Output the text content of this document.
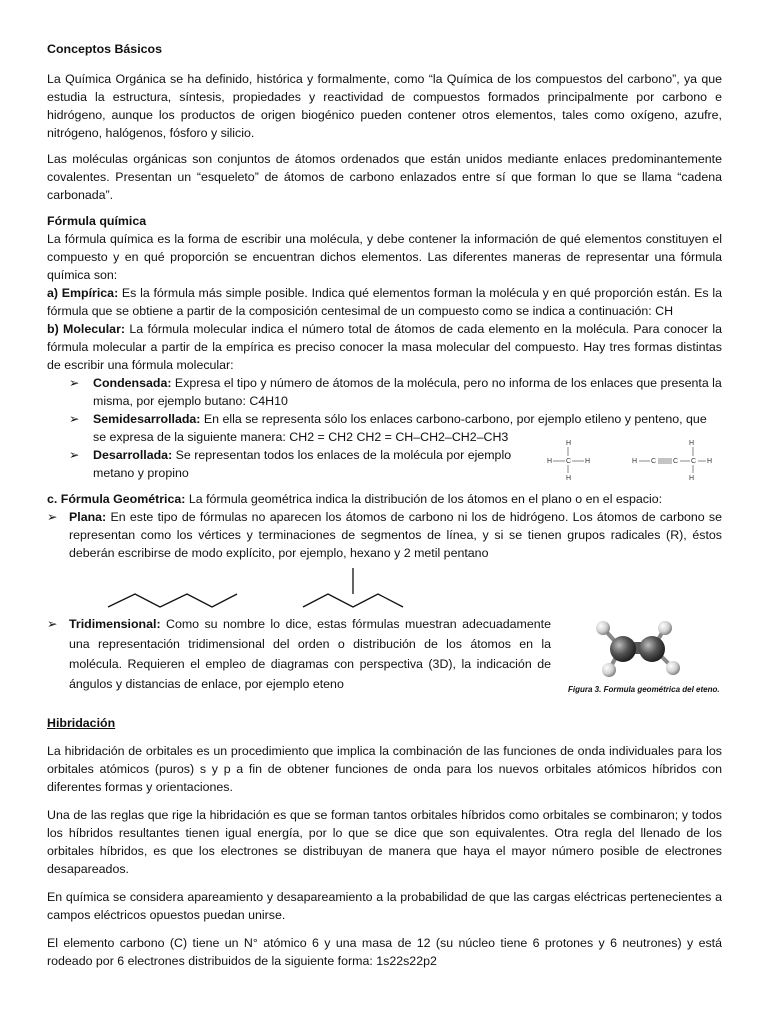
Conceptos Básicos

La Química Orgánica se ha definido, histórica y formalmente, como “la Química de los compuestos del carbono”, ya que estudia la estructura, síntesis, propiedades y reactividad de compuestos formados principalmente por carbono e hidrógeno, aunque los productos de origen biogénico pueden contener otros elementos, tales como oxígeno, azufre, nitrógeno, halógenos, fósforo y silicio.

Las moléculas orgánicas son conjuntos de átomos ordenados que están unidos mediante enlaces predominantemente covalentes. Presentan un “esqueleto” de átomos de carbono enlazados entre sí que forman lo que se llama “cadena carbonada”.

Fórmula química

La fórmula química es la forma de escribir una molécula, y debe contener la información de qué elementos constituyen el compuesto y en qué proporción se encuentran dichos elementos. Las diferentes maneras de representar una fórmula química son:

a) Empírica: Es la fórmula más simple posible. Indica qué elementos forman la molécula y en qué proporción están. Es la fórmula que se obtiene a partir de la composición centesimal de un compuesto como se indica a continuación: CH

b) Molecular: La fórmula molecular indica el número total de átomos de cada elemento en la molécula. Para conocer la fórmula molecular a partir de la empírica es preciso conocer la masa molecular del compuesto. Hay tres formas distintas de escribir una fórmula molecular:

➢ Condensada: Expresa el tipo y número de átomos de la molécula, pero no informa de los enlaces que presenta la misma, por ejemplo butano: C4H10
➢ Semidesarrollada: En ella se representa sólo los enlaces carbono-carbono, por ejemplo etileno y penteno, que se expresa de la siguiente manera: CH2 = CH2 CH2 = CH–CH2–CH2–CH3
➢ Desarrollada: Se representan todos los enlaces de la molécula por ejemplo metano y propino

c. Fórmula Geométrica: La fórmula geométrica indica la distribución de los átomos en el plano o en el espacio:

➢ Plana: En este tipo de fórmulas no aparecen los átomos de carbono ni los de hidrógeno. Los átomos de carbono se representan como los vértices y terminaciones de segmentos de línea, y si se tienen grupos radicales (R), éstos deberán escribirse de modo explícito, por ejemplo, hexano y 2 metil pentano
H
H C H
H
H C C C H
H
H
➢ Tridimensional: Como su nombre lo dice, estas fórmulas muestran adecuadamente una representación tridimensional del orden o distribución de los átomos en la molécula. Requieren el empleo de diagramas con perspectiva (3D), la indicación de ángulos y distancias de enlace, por ejemplo eteno	Figura 3. Formula geométrica del eteno.

Hibridación

La hibridación de orbitales es un procedimiento que implica la combinación de las funciones de onda individuales para los orbitales atómicos (puros) s y p a fin de obtener funciones de onda para los nuevos orbitales atómicos híbridos con diferentes formas y orientaciones.

Una de las reglas que rige la hibridación es que se forman tantos orbitales híbridos como orbitales se combinaron; y todos los híbridos resultantes tienen igual energía, por lo que se dice que son equivalentes. Otra regla del llenado de los orbitales híbridos, es que los electrones se distribuyan de manera que haya el mayor número posible de electrones desapareados.

En química se considera apareamiento y desapareamiento a la probabilidad de que las cargas eléctricas pertenecientes a campos eléctricos opuestos puedan unirse.

El elemento carbono (C) tiene un N° atómico 6 y una masa de 12 (su núcleo tiene 6 protones y 6 neutrones) y está rodeado por 6 electrones distribuidos de la siguiente forma: 1s22s22p2
